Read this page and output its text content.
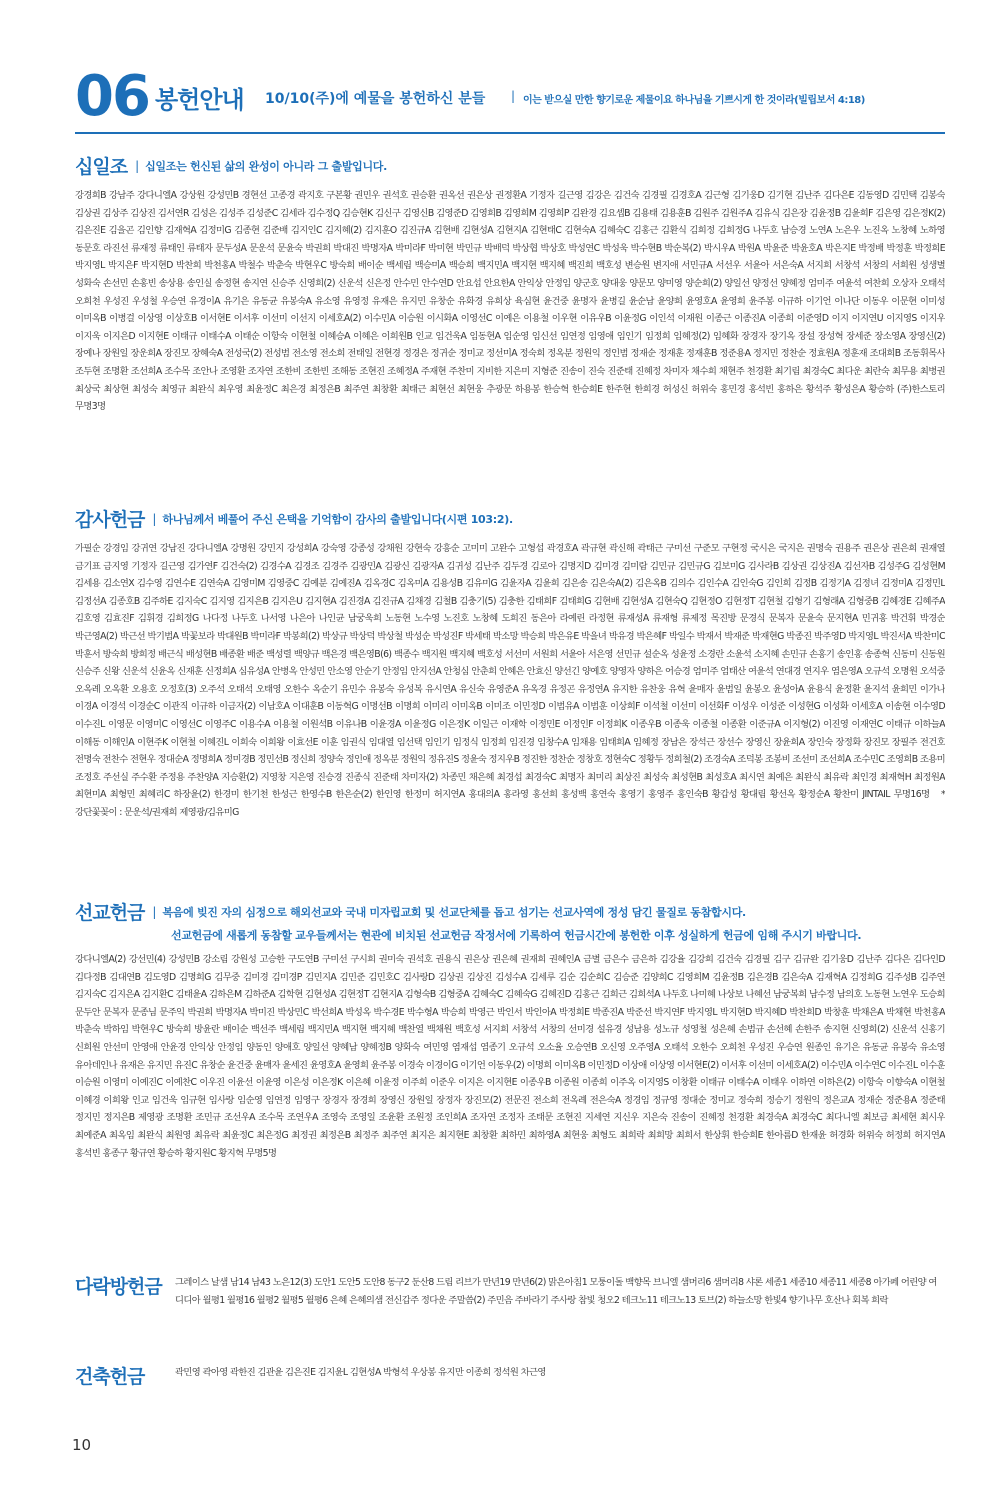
06 봉헌안내 10/10(주)에 예물을 봉헌하신 분들 | 이는 받으실 만한 향기로운 제물이요 하나님을 기쁘시게 한 것이라(빌립보서 4:18)
십일조 | 십일조는 헌신된 삶의 완성이 아니라 그 출발입니다.
강경희B 강남주 강다니엘A 강상원 강성민B 경현선 고종경 곽지호 구본황 권민우 권석호 권승환 권옥선 권은상 권정환A 기정자 길근영 김강은 김건숙 김경필 김경호A 김근형 김기웅D 김기현 김난주 김다은E 김동영D 김민택 김봉숙 김상권 김상주 김상진 김서연R 김성은 김성주 김성준C 김세라 김수정Q 김승현K 김신구 김영신B 김영준D 김영희B 김영희M 김영희P 김완경 김요셉B 김용태 김용훈B 김원주 김원주A 김유식 김은장 김윤정B 김윤희F 김은영 김은정K(2) 김은진E 김을곤 김인향 김재혁A 김정미G 김종현 김준배 김지인C 김지혜(2) 김지훈O 김진규A 김현배 김현성A 김현지A 김현태C 김현숙A 김혜숙C 김홍근 김환식 김희정 김희정G 나두호 남승경 노연A 노은우 노진옥 노창혜 노하영 동문호 라진선 류재정 류태인 류태자 문두성A 문운석 문윤숙 박권희 박대진 박명자A 박미라F 박미현 박민규 박배덕 박상협 박상호 박성연C 박성욱 박수현B 박순복(2) 박시우A 박원A 박윤준 박윤호A 박은지E 박정배 박정훈 박정희E 박지영L 박지은F 박지현D 박찬희 박천홍A 박철수 박춘숙 박현우C 방숙희 배이순 백세림 백승미A 백승희 백지민A 백지현 백지혜 백진희 백호성 변승원 변지애 서민규A 서선우 서윤아 서은숙A 서지희 서창석 서창의 서희원 성생별 성화숙 손선민 손홍빈 송상용 송인실 송정현 송지연 신승주 신영희(2) 신운석 신은정 안수민 안수연D 안요섭 안요한A 안익상 안정임 양군호 양대웅 양문모 양미영 양순희(2) 양일선 양정선 양혜정 엄미주 여윤석 여찬희 오상자 오태석 오희천 우성진 우성철 우승연 유경이A 유기은 유동균 유봉숙A 유소영 유영정 유재은 유지민 유창순 유화경 유희상 육심현 윤건중 윤명자 윤병길 윤순남 윤양희 윤영호A 윤영희 윤주봉 이규하 이기언 이나단 이동우 이문현 이미성 이미옥B 이병걸 이상영 이상호B 이서현E 이서후 이선미 이선지 이세호A(2) 이수민A 이승원 이시화A 이영선C 이예은 이용철 이우현 이유우B 이윤정G 이인석 이재원 이종근 이종진A 이종희 이준영D 이지 이지연U 이지영S 이지우 이지욱 이지은D 이지현E 이태규 이태수A 이태순 이항숙 이현철 이혜승A 이혜은 이희원B 인교 임건욱A 임동현A 임순영 임신선 임연정 임영애 임인기 임정희 임혜정(2) 임혜화 장경자 장기옥 장설 장성혁 장세준 장소영A 장영신(2) 장예나 장원일 장운희A 장진모 장혜숙A 전성국(2) 전성범 전소영 전소희 전태일 전현경 정경은 정귀순 정미교 정선미A 정숙희 정옥분 정원익 정인범 정재순 정재훈 정재훈B 정준용A 정지민 정찬순 정효원A 정훈재 조대희B 조동휘목사 조두현 조명환 조선희A 조수목 조안나 조영환 조자연 조한비 조한빈 조해동 조현진 조혜정A 주재현 주찬미 지비한 지은미 지형준 진송이 진숙 진준태 진혜정 차미자 채수희 채현주 천경환 최기림 최경숙C 최다운 최란숙 최무용 최병권 최상국 최상현 최성숙 최영규 최완식 최우영 최윤정C 최은경 최정은B 최주연 최창환 최태근 최현선 최현웅 추광문 하용봉 한승혁 한승희E 한주현 한희경 허성신 허위숙 홍민경 홍석빈 홍하은 황석주 황성은A 황승하 (주)한스토리 무명3명
감사헌금 | 하나님께서 베풀어 주신 은택을 기억함이 감사의 출발입니다(시편 103:2).
가필순 강경임 강귀연 강남진 강다니엘A 강명원 강민지 강성희A 강숙영 강종성 강채원 강현숙 강흥순 고미미 고완수 고형섭 곽경호A 곽규현 곽신해 곽태근 구미선 구준모 구현정 국시은 국지은 권명숙 권용주 권은상 권은희 권재열 금기표 금지영 기정자 길근영 김가연F 김건숙(2) 김경수A 김경조 김경주 김광민A 김광신 김광자A 김귀성 김난주 김두경 김로아 김명지D 김미경 김미람 김민규 김민규G 김보미G 김사라B 김상권 김상진A 김선자B 김성주G 김성현M 김세용 김소연X 김수영 김연수E 김연숙A 김영미M 김영중C 김예분 김예진A 김옥경C 김옥미A 김용성B 김유미G 김윤자A 김윤희 김은송 김은숙A(2) 김은옥B 김의수 김인수A 김인숙G 김인희 김정B 김정기A 김정녀 김정미A 김정민L 김정선A 김종호B 김주하E 김지숙C 김지영 김지은B 김지은U 김지현A 김진경A 김진규A 김채경 김철B 김충기(5) 김충한 김태희F 김태희G 김현배 김현성A 김현숙Q 김현정O 김현정T 김현철 김형기 김형래A 김형중B 김혜경E 김혜주A 김호영 김효진F 김휘경 김희정G 나다정 나두호 나서영 나은아 나인균 남궁욱희 노동현 노수영 노진호 노창혜 도희진 동은아 라예린 라정현 류재성A 류재형 류제정 목진방 문경식 문복자 문윤숙 문지현A 민귀홍 박건휘 박경순 박근영A(2) 박근선 박기범A 박꽃보라 박대원B 박미라F 박봉희(2) 박상규 박상덕 박상철 박성순 박성진F 박세태 박소망 박승희 박은유E 박을녀 박유경 박은혜F 박일수 박재서 박재준 박재현G 박종진 박주영D 박지영L 박진서A 박찬미C 박훈서 방숙희 방희정 배근식 배성현B 배종환 배준 백성렬 백양규 백은경 백은영B(6) 백종수 백지원 백지혜 백호성 서선미 서원희 서윤아 서은영 선민규 설순옥 성윤정 소경란 소윤석 소지혜 손민규 손홍기 송인홍 송종혁 신동미 신동원 신승주 신왕 신운석 신윤옥 신재훈 신정희A 심유성A 안병옥 안성민 안소영 안순기 안정임 안지선A 안청심 안춘희 안혜은 안효신 양선긴 양예호 양영자 양하은 어승경 엄미주 엄태산 여윤석 연대경 연지우 염은영A 오규석 오명원 오석중 오옥례 오옥환 오용호 오정호(3) 오주석 오태석 오태영 오한수 옥순기 유민수 유봉숙 유성복 유시연A 유신숙 유영준A 유옥경 유정곤 유정연A 유지한 유찬웅 유혁 윤매자 윤범일 윤봉오 윤성아A 윤용식 윤정환 윤지석 윤희민 이가나 이경A 이경석 이경순C 이관직 이규하 이금자(2) 이남호A 이대훈B 이동혁G 이명선B 이명희 이미리 이미옥B 이미조 이민정D 이범유A 이범훈 이상희F 이석철 이선미 이선화F 이성우 이성준 이성현G 이성화 이세호A 이송현 이수영D 이수진L 이영문 이영미C 이영선C 이영주C 이용수A 이용철 이원석B 이유나B 이윤경A 이윤정G 이은정K 이일근 이재학 이정민E 이정인F 이정희K 이종우B 이종욱 이종철 이종환 이준규A 이지형(2) 이진영 이재연C 이태규 이하늘A 이해동 이해인A 이현주K 이현철 이혜진L 이희숙 이희왕 이효선E 이훈 임권식 임대열 임선택 임인기 임정식 임정희 임진경 임창수A 임채용 임태희A 임혜정 장남은 장석근 장선수 장영신 장윤희A 장인숙 장정화 장진모 장필주 전건호 전명숙 전찬수 전현우 정대순A 정명희A 정미경B 정민선B 정신희 정양숙 정인애 정옥분 정원익 정유진S 정윤숙 정지우B 정진한 정찬순 정창호 정현숙C 정황두 정희철(2) 조경숙A 조덕봉 조봉비 조선미 조선희A 조수민C 조영희B 조용미 조정호 주선실 주수환 주정용 주찬양A 지승환(2) 지영창 지은영 진승경 진종식 진준태 차미자(2) 차종민 채은혜 최경섭 최경숙C 최명자 최미리 최상진 최성숙 최성현B 최성호A 최시연 최예은 최완식 최유락 최인경 최재혁H 최정원A 최현미A 최형민 최혜리C 하장윤(2) 한경미 한기천 한성근 한영수B 한은순(2) 한인영 한정미 허지연A 홍대의A 홍라영 홍선희 홍성백 홍연숙 홍영기 홍영주 홍인숙B 황갑성 황대림 황선옥 황정순A 황찬미 JINTAIL 무명16명 * 강단꽃꽂이 : 문운석/권재희 제영광/김유미G
선교헌금 | 복음에 빚진 자의 심정으로 해외선교와 국내 미자립교회 및 선교단체를 돕고 섬기는 선교사역에 정성 담긴 물질로 동참합시다.
선교헌금에 새롭게 동참할 교우들께서는 현관에 비치된 선교헌금 작정서에 기록하여 헌금시간에 봉헌한 이후 성실하게 헌금에 임해 주시기 바랍니다.
강다니엘A(2) 강선민(4) 강성민B 강소림 강원성 고승한 구도연B 구미선 구시희 권미숙 권석호 권용식 권은상 권은혜 권재희 권혜인A 금별 금은수 금은하 김강율 김강희 김건숙 김경필 김구 김규완 김기웅D 김난주 김다은 김다인D 김다정B 김대연B 김도영D 김명희G 김무중 김미경 김미경P 김민지A 김민준 김민호C 김사랑D 김상권 김상진 김성수A 김세루 김순 김순희C 김승준 김양희C 김영희M 김윤정B 김은경B 김은숙A 김재혁A 김정희G 김주성B 김주연 김지숙C 김지은A 김지환C 김태윤A 김하은M 김하준A 김학현 김현성A 김현정T 김현지A 김형숙B 김형중A 김혜숙C 김혜숙G 김혜진D 김홍근 김희근 김희석A 나두호 나미혜 나상보 나혜선 남궁복희 남수정 남의호 노동현 노연우 도승희 문두안 문복자 문종님 문주익 박권희 박명자A 박미진 박상민C 박선희A 박성옥 박수경E 박수형A 박승희 박영근 박인서 박인아A 박정희E 박종진A 박준선 박지연F 박지영L 박지현D 박지혜D 박찬희D 박창훈 박채은A 박채현 박천홍A 박춘숙 박하임 박현우C 방숙희 방윤란 배이순 백선주 백세림 백지민A 백지현 백지혜 백찬열 백채원 백호성 서지희 서창석 서창의 선미경 설유경 성남용 성노규 성영철 성은혜 손범규 손선혜 손한주 송지현 신영희(2) 신운석 신홍기 신희원 안선미 안영애 안윤경 안익상 안정임 양동인 양애호 양일선 양혜남 양혜정B 양화숙 여민영 염재섭 염종기 오규석 오소율 오승연B 오신영 오주영A 오태석 오한수 오희천 우성진 우승연 원종인 유기은 유동균 유봉숙 유소영 유아데인나 유재은 유지민 유진C 유창순 윤건중 윤매자 윤세진 윤영호A 윤영희 윤주봉 이경숙 이경이G 이기언 이동우(2) 이명희 이미옥B 이민정D 이상애 이상영 이서현E(2) 이서후 이선미 이세호A(2) 이수민A 이수연C 이수진L 이수훈 이승원 이영미 이예진C 이예찬C 이우진 이윤선 이윤영 이은성 이은정K 이은혜 이윤정 이주희 이준우 이지은 이지현E 이종우B 이종원 이종희 이주옥 이지영S 이창환 이태규 이태수A 이태우 이하연 이하은(2) 이항숙 이향숙A 이현철 이혜경 이희왕 인교 임건욱 임규현 임사랑 임순영 임연정 임영구 장경자 장경희 장영신 장원일 장정자 장진모(2) 전문진 전소희 전옥례 전은숙A 정경임 정규영 정대순 정미교 정숙희 정승기 정원익 정은교A 정재순 정준용A 정준태 정지민 정지은B 제영광 조명환 조민규 조선우A 조수목 조연우A 조영숙 조영일 조윤환 조원정 조인희A 조자연 조정자 조태문 조현진 지세연 지신우 지은숙 진송이 진혜정 천경환 최경숙A 최경숙C 최다니엘 최보금 최세현 최시우 최예준A 최옥임 최완식 최원영 최유락 최윤정C 최은정G 최정권 최정은B 최정주 최주연 최지은 최지현E 최창환 최하민 최하영A 최현웅 최형도 최희락 최희망 최희서 한상휘 한승희E 한아름D 한재윤 허경화 허위숙 허정희 허지연A 홍석빈 홍종구 황규연 황승하 황지원C 황지혁 무명5명
다락방헌금 그레이스 날샘 남14 남43 노은12(3) 도안1 도안5 도안8 동구2 둔산8 드림 리브가 만년19 만년6(2) 맑은아침1 모퉁이돌 백향목 브니엘 샘머리6 샘머리8 샤론 세종1 세종10 세종11 세종8 아가페 어린양 여디디아 월평1 월평16 월평2 월평5 월평6 은혜 은혜의샘 전신갑주 정다운 주말씀(2) 주민음 주바라기 주사랑 참빛 청오2 테크노11 테크노13 토브(2) 하늘소망 한빛4 향기나무 호산나 회복 희락
건축헌금	곽민영 곽아영 곽한진 김관윤 김은진E 김지윤L 김현성A 박형석 우상봉 유지만 이종희 정석원 차근영
10
